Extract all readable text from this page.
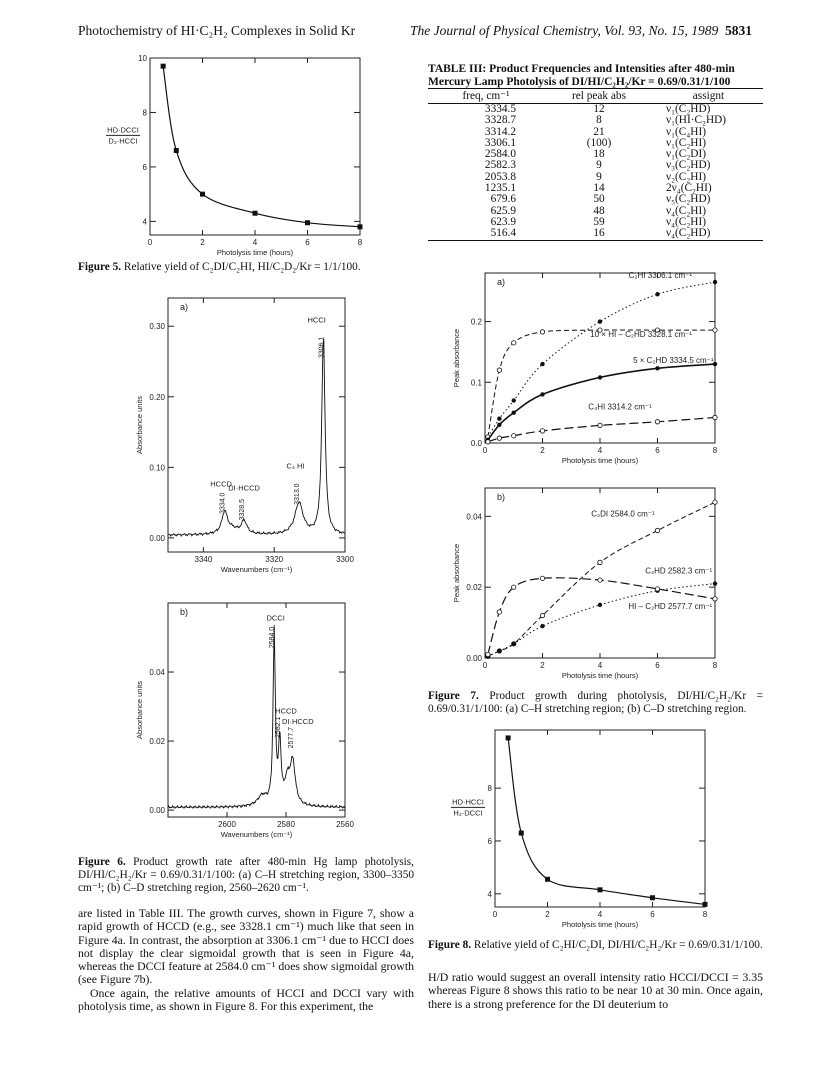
Photochemistry of HI·C₂H₂ Complexes in Solid Kr	The Journal of Physical Chemistry, Vol. 93, No. 15, 1989 5831
0	2	4	6	8
4
6
8
10
Photolysis time (hours)
HD·DCCI
D₂·HCCI
Figure 5. Relative yield of C₂DI/C₂HI, HI/C₂D₂/Kr = 1/1/100.
3340	3320	3300
0.00
0.10
0.20
0.30
Wavenumbers (cm⁻¹)
Absorbance units
a)
HCCI
3306.1
C₄ HI
3313.0
HCCD
DI·HCCD
3334.0 3328.5
2600	2580	2560
0.00
0.02
0.04
Wavenumbers (cm⁻¹)
Absorbance units
b)
DCCI
2584.0
HCCD
DI·HCCD
2582.1 2577.7
Figure 6. Product growth rate after 480-min Hg lamp photolysis, DI/HI/C₂H₂/Kr = 0.69/0.31/1/100: (a) C–H stretching region, 3300–3350 cm⁻¹; (b) C–D stretching region, 2560–2620 cm⁻¹.

are listed in Table III. The growth curves, shown in Figure 7, show a rapid growth of HCCD (e.g., see 3328.1 cm⁻¹) much like that seen in Figure 4a. In contrast, the absorption at 3306.1 cm⁻¹ due to HCCI does not display the clear sigmoidal growth that is seen in Figure 4a, whereas the DCCI feature at 2584.0 cm⁻¹ does show sigmoidal growth (see Figure 7b).

Once again, the relative amounts of HCCI and DCCI vary with photolysis time, as shown in Figure 8. For this experiment, the

TABLE III: Product Frequencies and Intensities after 480-min Mercury Lamp Photolysis of DI/HI/C₂H₂/Kr = 0.69/0.31/1/100
freq, cm⁻¹	rel peak abs	assignt
3334.5	12	ν₁(C₂HD)
3328.7	8	ν₁(HI·C₂HD)
3314.2	21	ν₁(C₄HI)
3306.1	(100)	ν₁(C₂HI)
2584.0	18	ν₁(C₂DI)
2582.3	9	ν₃(C₂HD)
2053.8	9	ν₂(C₂HI)
1235.1	14	2ν₄(C₂HI)
679.6	50	ν₅(C₂HD)
625.9	48	ν₄(C₂HI)
623.9	59	ν₄(C₂HI)
516.4	16	ν₄(C₂HD)
0	2	4	6	8
0.0
0.1
0.2
Photolysis time (hours)
Peak absorbance
a)
C₂HI 3306.1 cm⁻¹
10 × HI – C₂HD 3328.1 cm⁻¹
5 × C₂HD 3334.5 cm⁻¹
C₄HI 3314.2 cm⁻¹
0	2	4	6	8
0.00
0.02
0.04
Photolysis time (hours)
Peak absorbance
b)
C₂DI 2584.0 cm⁻¹
C₂HD 2582.3 cm⁻¹
HI – C₂HD 2577.7 cm⁻¹
Figure 7. Product growth during photolysis, DI/HI/C₂H₂/Kr = 0.69/0.31/1/100: (a) C–H stretching region; (b) C–D stretching region.
0	2	4	6	8
4
6
8
Photolysis time (hours)
HD·HCCI
H₂·DCCI
Figure 8. Relative yield of C₂HI/C₂DI, DI/HI/C₂H₂/Kr = 0.69/0.31/1/100.

H/D ratio would suggest an overall intensity ratio HCCI/DCCI = 3.35 whereas Figure 8 shows this ratio to be near 10 at 30 min. Once again, there is a strong preference for the DI deuterium to
